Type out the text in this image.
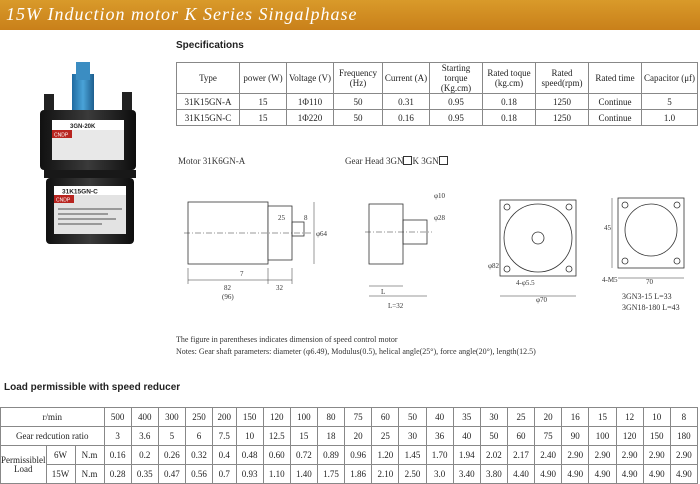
15W Induction motor K Series Singalphase
3GN-20K
CNDP
31K15GN-C
CNDP
Specifications
Type	power (W)	Voltage (V)	Frequency (Hz)	Current (A)	Starting torque (Kg.cm)	Rated toque (kg.cm)	Rated speed(rpm)	Rated time	Capacitor (μf)
31K15GN-A	15	1Φ110	50	0.31	0.95	0.18	1250	Continue	5
31K15GN-C	15	1Φ220	50	0.16	0.95	0.18	1250	Continue	1.0
Motor 31K6GN-A	Gear Head 3GN K 3GN
25	8
φ64
7
82	32
(96)
φ10
φ28
L
L=32
4-φ5.5
φ70
φ82
4-M5	70
45
3GN3-15 L=33
3GN18-180 L=43
The figure in parentheses indicates dimension of speed control motor
Notes: Gear shaft parameters: diameter (φ6.49), Modulus(0.5), helical angle(25°), force angle(20°), length(12.5)
Load permissible with speed reducer
r/min			500	400	300	250	200	150	120	100	80	75	60	50	40	35	30	25	20	16	15	12	10	8
Gear redcution ratio			3	3.6	5	6	7.5	10	12.5	15	18	20	25	30	36	40	50	60	75	90	100	120	150	180
Permissiblel Load	6W	N.m	0.16	0.2	0.26	0.32	0.4	0.48	0.60	0.72	0.89	0.96	1.20	1.45	1.70	1.94	2.02	2.17	2.40	2.90	2.90	2.90	2.90	2.90
	15W	N.m	0.28	0.35	0.47	0.56	0.7	0.93	1.10	1.40	1.75	1.86	2.10	2.50	3.0	3.40	3.80	4.40	4.90	4.90	4.90	4.90	4.90	4.90
